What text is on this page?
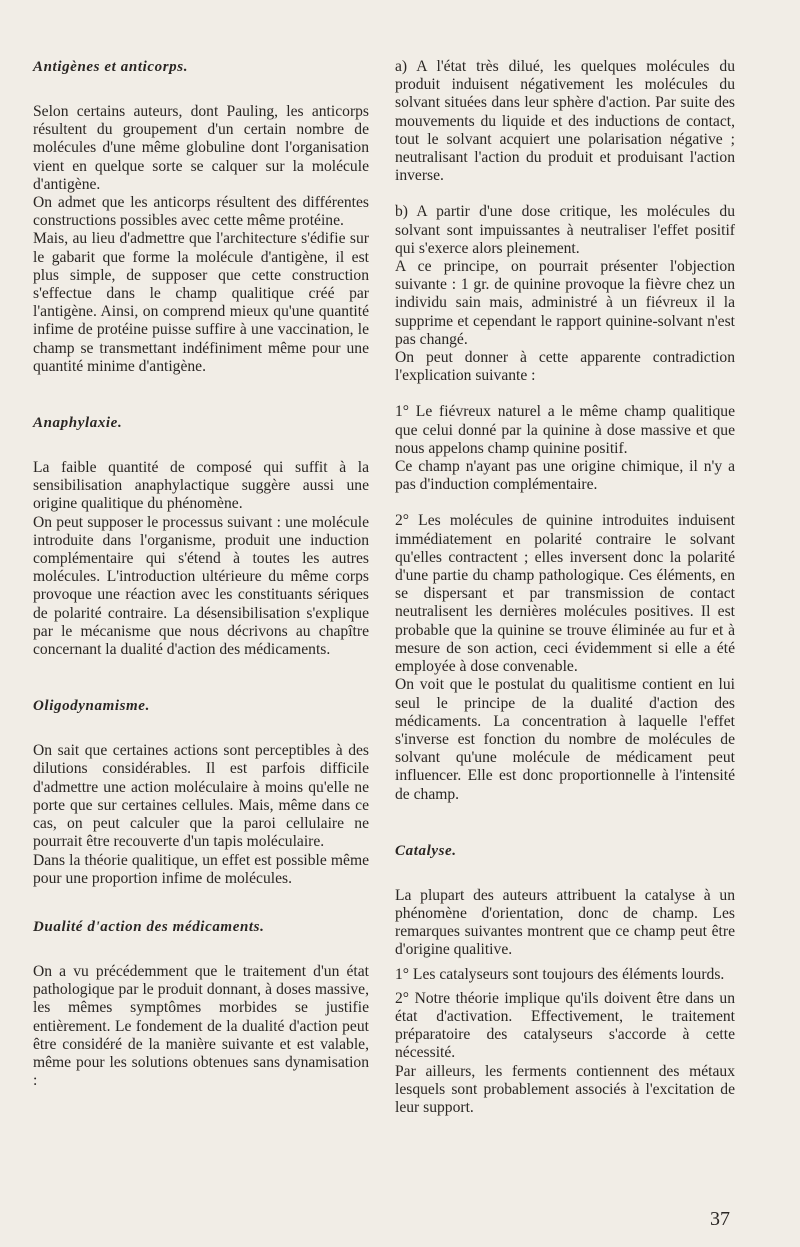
Antigènes et anticorps.

Selon certains auteurs, dont Pauling, les anticorps résultent du groupement d'un certain nombre de molécules d'une même globuline dont l'organisation vient en quelque sorte se calquer sur la molécule d'antigène.

On admet que les anticorps résultent des différentes constructions possibles avec cette même protéine.

Mais, au lieu d'admettre que l'architecture s'édifie sur le gabarit que forme la molécule d'antigène, il est plus simple, de supposer que cette construction s'effectue dans le champ qualitique créé par l'antigène. Ainsi, on comprend mieux qu'une quantité infime de protéine puisse suffire à une vaccination, le champ se transmettant indéfiniment même pour une quantité minime d'antigène.

Anaphylaxie.

La faible quantité de composé qui suffit à la sensibilisation anaphylactique suggère aussi une origine qualitique du phénomène.

On peut supposer le processus suivant : une molécule introduite dans l'organisme, produit une induction complémentaire qui s'étend à toutes les autres molécules. L'introduction ultérieure du même corps provoque une réaction avec les constituants sériques de polarité contraire. La désensibilisation s'explique par le mécanisme que nous décrivons au chapître concernant la dualité d'action des médicaments.

Oligodynamisme.

On sait que certaines actions sont perceptibles à des dilutions considérables. Il est parfois difficile d'admettre une action moléculaire à moins qu'elle ne porte que sur certaines cellules. Mais, même dans ce cas, on peut calculer que la paroi cellulaire ne pourrait être recouverte d'un tapis moléculaire.

Dans la théorie qualitique, un effet est possible même pour une proportion infime de molécules.

Dualité d'action des médicaments.

On a vu précédemment que le traitement d'un état pathologique par le produit donnant, à doses massive, les mêmes symptômes morbides se justifie entièrement. Le fondement de la dualité d'action peut être considéré de la manière suivante et est valable, même pour les solutions obtenues sans dynamisation :

a) A l'état très dilué, les quelques molécules du produit induisent négativement les molécules du solvant situées dans leur sphère d'action. Par suite des mouvements du liquide et des inductions de contact, tout le solvant acquiert une polarisation négative ; neutralisant l'action du produit et produisant l'action inverse.

b) A partir d'une dose critique, les molécules du solvant sont impuissantes à neutraliser l'effet positif qui s'exerce alors pleinement.

A ce principe, on pourrait présenter l'objection suivante : 1 gr. de quinine provoque la fièvre chez un individu sain mais, administré à un fiévreux il la supprime et cependant le rapport quinine-solvant n'est pas changé.

On peut donner à cette apparente contradiction l'explication suivante :

1° Le fiévreux naturel a le même champ qualitique que celui donné par la quinine à dose massive et que nous appelons champ quinine positif.

Ce champ n'ayant pas une origine chimique, il n'y a pas d'induction complémentaire.

2° Les molécules de quinine introduites induisent immédiatement en polarité contraire le solvant qu'elles contractent ; elles inversent donc la polarité d'une partie du champ pathologique. Ces éléments, en se dispersant et par transmission de contact neutralisent les dernières molécules positives. Il est probable que la quinine se trouve éliminée au fur et à mesure de son action, ceci évidemment si elle a été employée à dose convenable.

On voit que le postulat du qualitisme contient en lui seul le principe de la dualité d'action des médicaments. La concentration à laquelle l'effet s'inverse est fonction du nombre de molécules de solvant qu'une molécule de médicament peut influencer. Elle est donc proportionnelle à l'intensité de champ.

Catalyse.

La plupart des auteurs attribuent la catalyse à un phénomène d'orientation, donc de champ. Les remarques suivantes montrent que ce champ peut être d'origine qualitive.

1° Les catalyseurs sont toujours des éléments lourds.

2° Notre théorie implique qu'ils doivent être dans un état d'activation. Effectivement, le traitement préparatoire des catalyseurs s'accorde à cette nécessité.

Par ailleurs, les ferments contiennent des métaux lesquels sont probablement associés à l'excitation de leur support.

37
